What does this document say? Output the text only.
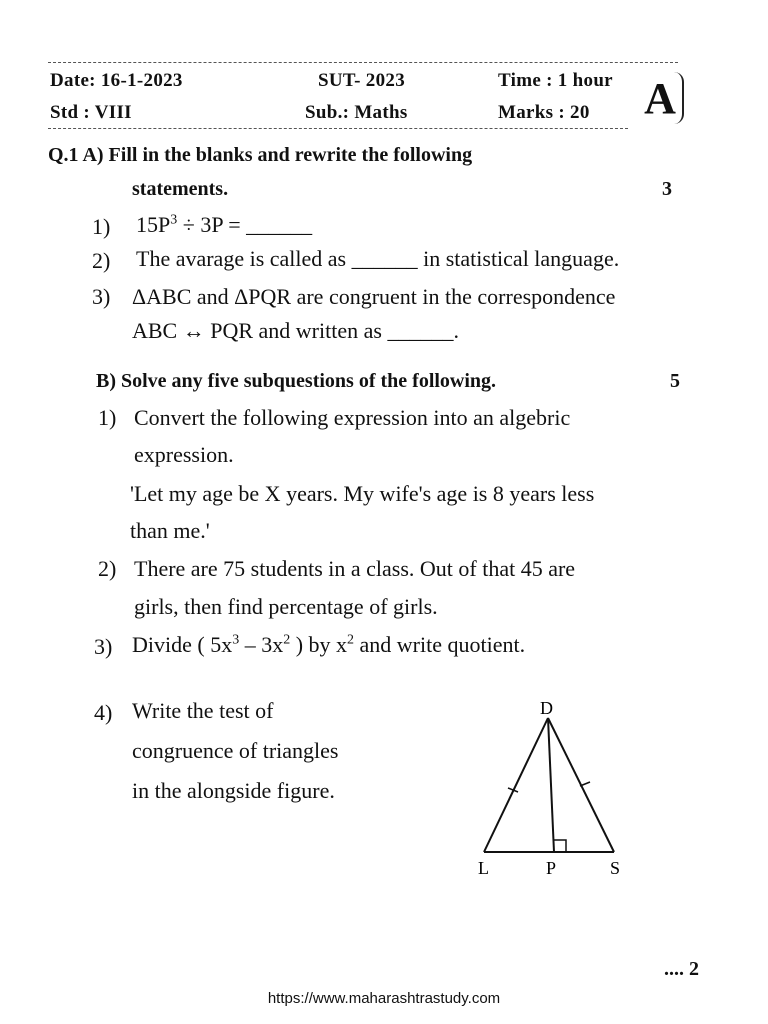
Date: 16-1-2023	SUT- 2023	Time : 1 hour
Std : VIII	Sub.: Maths	Marks : 20 A
Q.1 A) Fill in the blanks and rewrite the following
statements.	3
1) $15P^3 \div 3P$ = ______
2) The avarage is called as ______ in statistical language.
3) ΔABC and ΔPQR are congruent in the correspondence
ABC ↔ PQR and written as ______.
B) Solve any five subquestions of the following.	5
1) Convert the following expression into an algebric
expression.
'Let my age be X years. My wife's age is 8 years less
than me.'
2) There are 75 students in a class. Out of that 45 are
girls, then find percentage of girls.
3) Divide ( $5x^3 - 3x^2$ ) by $x^2$ and write quotient.
4) Write the test of
congruence of triangles
in the alongside figure.
D
L	P	S
.... 2
https://www.maharashtrastudy.com
